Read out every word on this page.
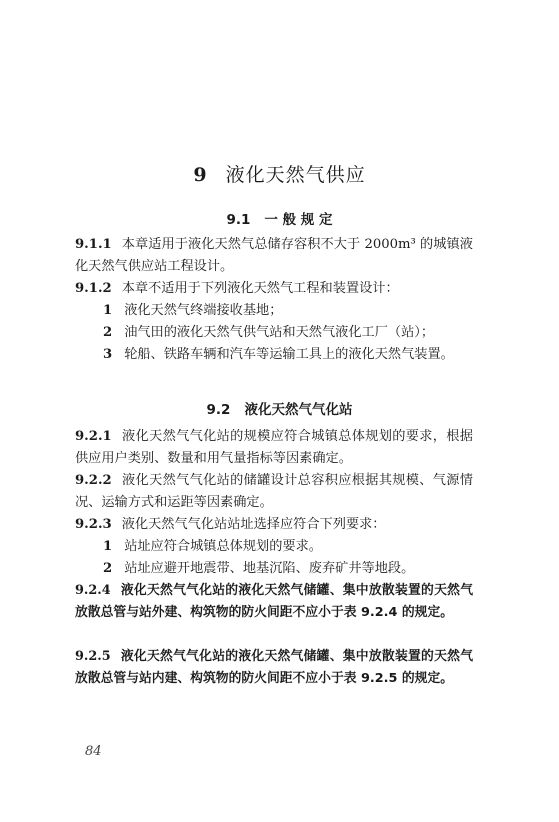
9 液化天然气供应
9.1 一 般 规 定
9.1.1 本章适用于液化天然气总储存容积不大于 2000m³ 的城镇液化天然气供应站工程设计。
9.1.2 本章不适用于下列液化天然气工程和装置设计：
1 液化天然气终端接收基地；
2 油气田的液化天然气供气站和天然气液化工厂（站）；
3 轮船、铁路车辆和汽车等运输工具上的液化天然气装置。
9.2 液化天然气气化站
9.2.1 液化天然气气化站的规模应符合城镇总体规划的要求，根据供应用户类别、数量和用气量指标等因素确定。
9.2.2 液化天然气气化站的储罐设计总容积应根据其规模、气源情况、运输方式和运距等因素确定。
9.2.3 液化天然气气化站站址选择应符合下列要求：
1 站址应符合城镇总体规划的要求。
2 站址应避开地震带、地基沉陷、废弃矿井等地段。
9.2.4 液化天然气气化站的液化天然气储罐、集中放散装置的天然气放散总管与站外建、构筑物的防火间距不应小于表 9.2.4 的规定。
9.2.5 液化天然气气化站的液化天然气储罐、集中放散装置的天然气放散总管与站内建、构筑物的防火间距不应小于表 9.2.5 的规定。
84
